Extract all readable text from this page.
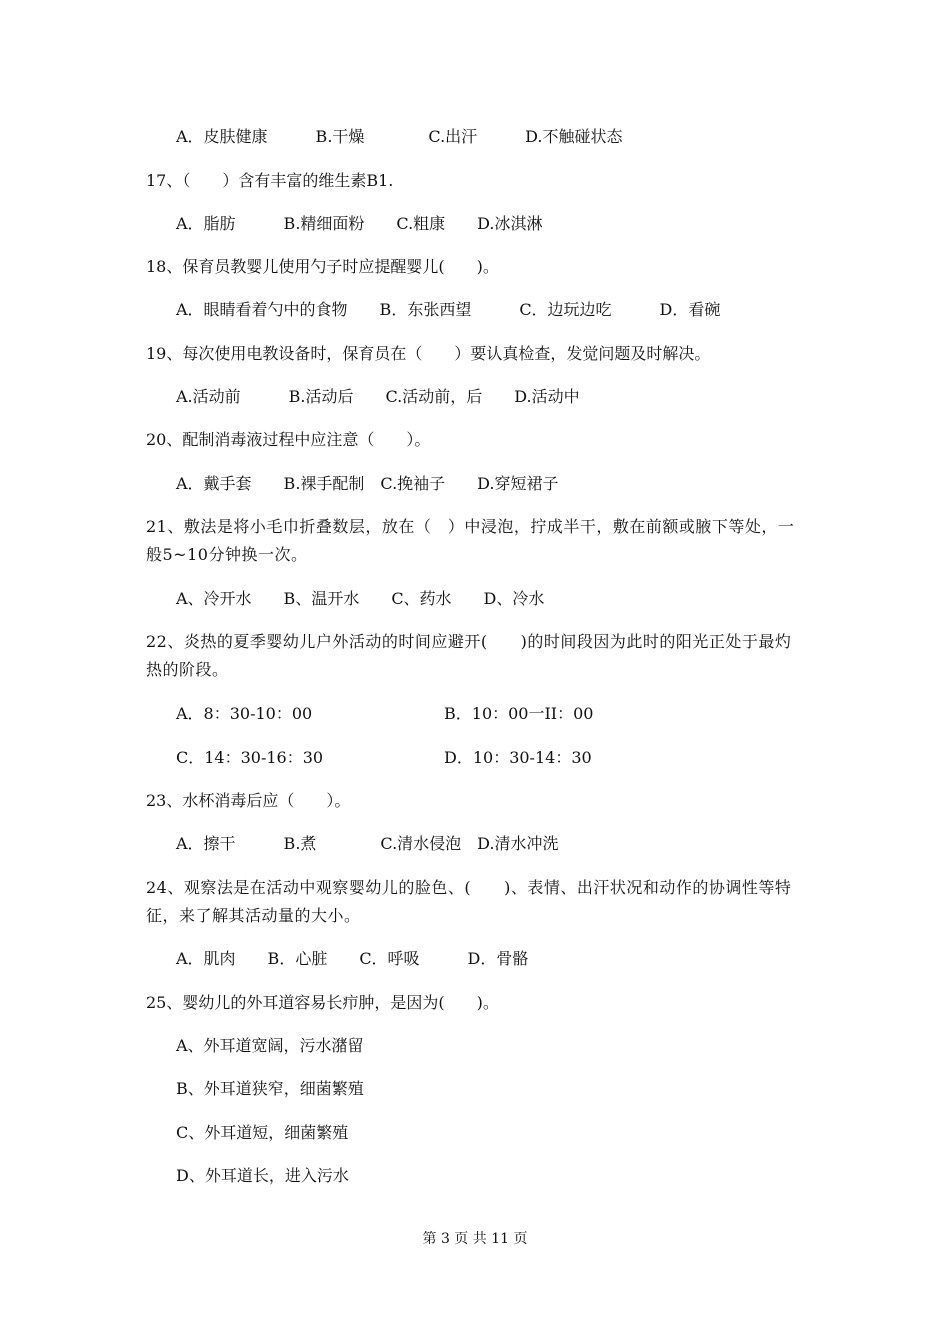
A．皮肤健康　　　B.干燥　　　　C.出汗　　　D.不触碰状态
17、（　　）含有丰富的维生素B1.
A．脂肪　　　B.精细面粉　　C.粗康　　D.冰淇淋
18、保育员教婴儿使用勺子时应提醒婴儿(　　)。
A．眼睛看着勺中的食物　　B．东张西望　　　C．边玩边吃　　　D．看碗
19、每次使用电教设备时，保育员在（　　）要认真检查，发觉问题及时解决。
A.活动前　　　B.活动后　　C.活动前，后　　D.活动中
20、配制消毒液过程中应注意（　　）。
A．戴手套　　B.裸手配制　C.挽袖子　　D.穿短裙子
21、敷法是将小毛巾折叠数层，放在（　）中浸泡，拧成半干，敷在前额或腋下等处，一般5~10分钟换一次。
A、冷开水　　B、温开水　　C、药水　　D、冷水
22、炎热的夏季婴幼儿户外活动的时间应避开(　　)的时间段因为此时的阳光正处于最灼热的阶段。
A．8：30-10：00	B．10：00一II：00
C．14：30-16：30	D．10：30-14：30
23、水杯消毒后应（　　）。
A．擦干　　　B.煮　　　　C.清水侵泡　D.清水冲洗
24、观察法是在活动中观察婴幼儿的脸色、(　　)、表情、出汗状况和动作的协调性等特征，来了解其活动量的大小。
A．肌肉　　B．心脏　　C．呼吸　　　D．骨骼
25、婴幼儿的外耳道容易长疖肿，是因为(　　)。
A、外耳道宽阔，污水潴留
B、外耳道狭窄，细菌繁殖
C、外耳道短，细菌繁殖
D、外耳道长，进入污水
第 3 页 共 11 页
